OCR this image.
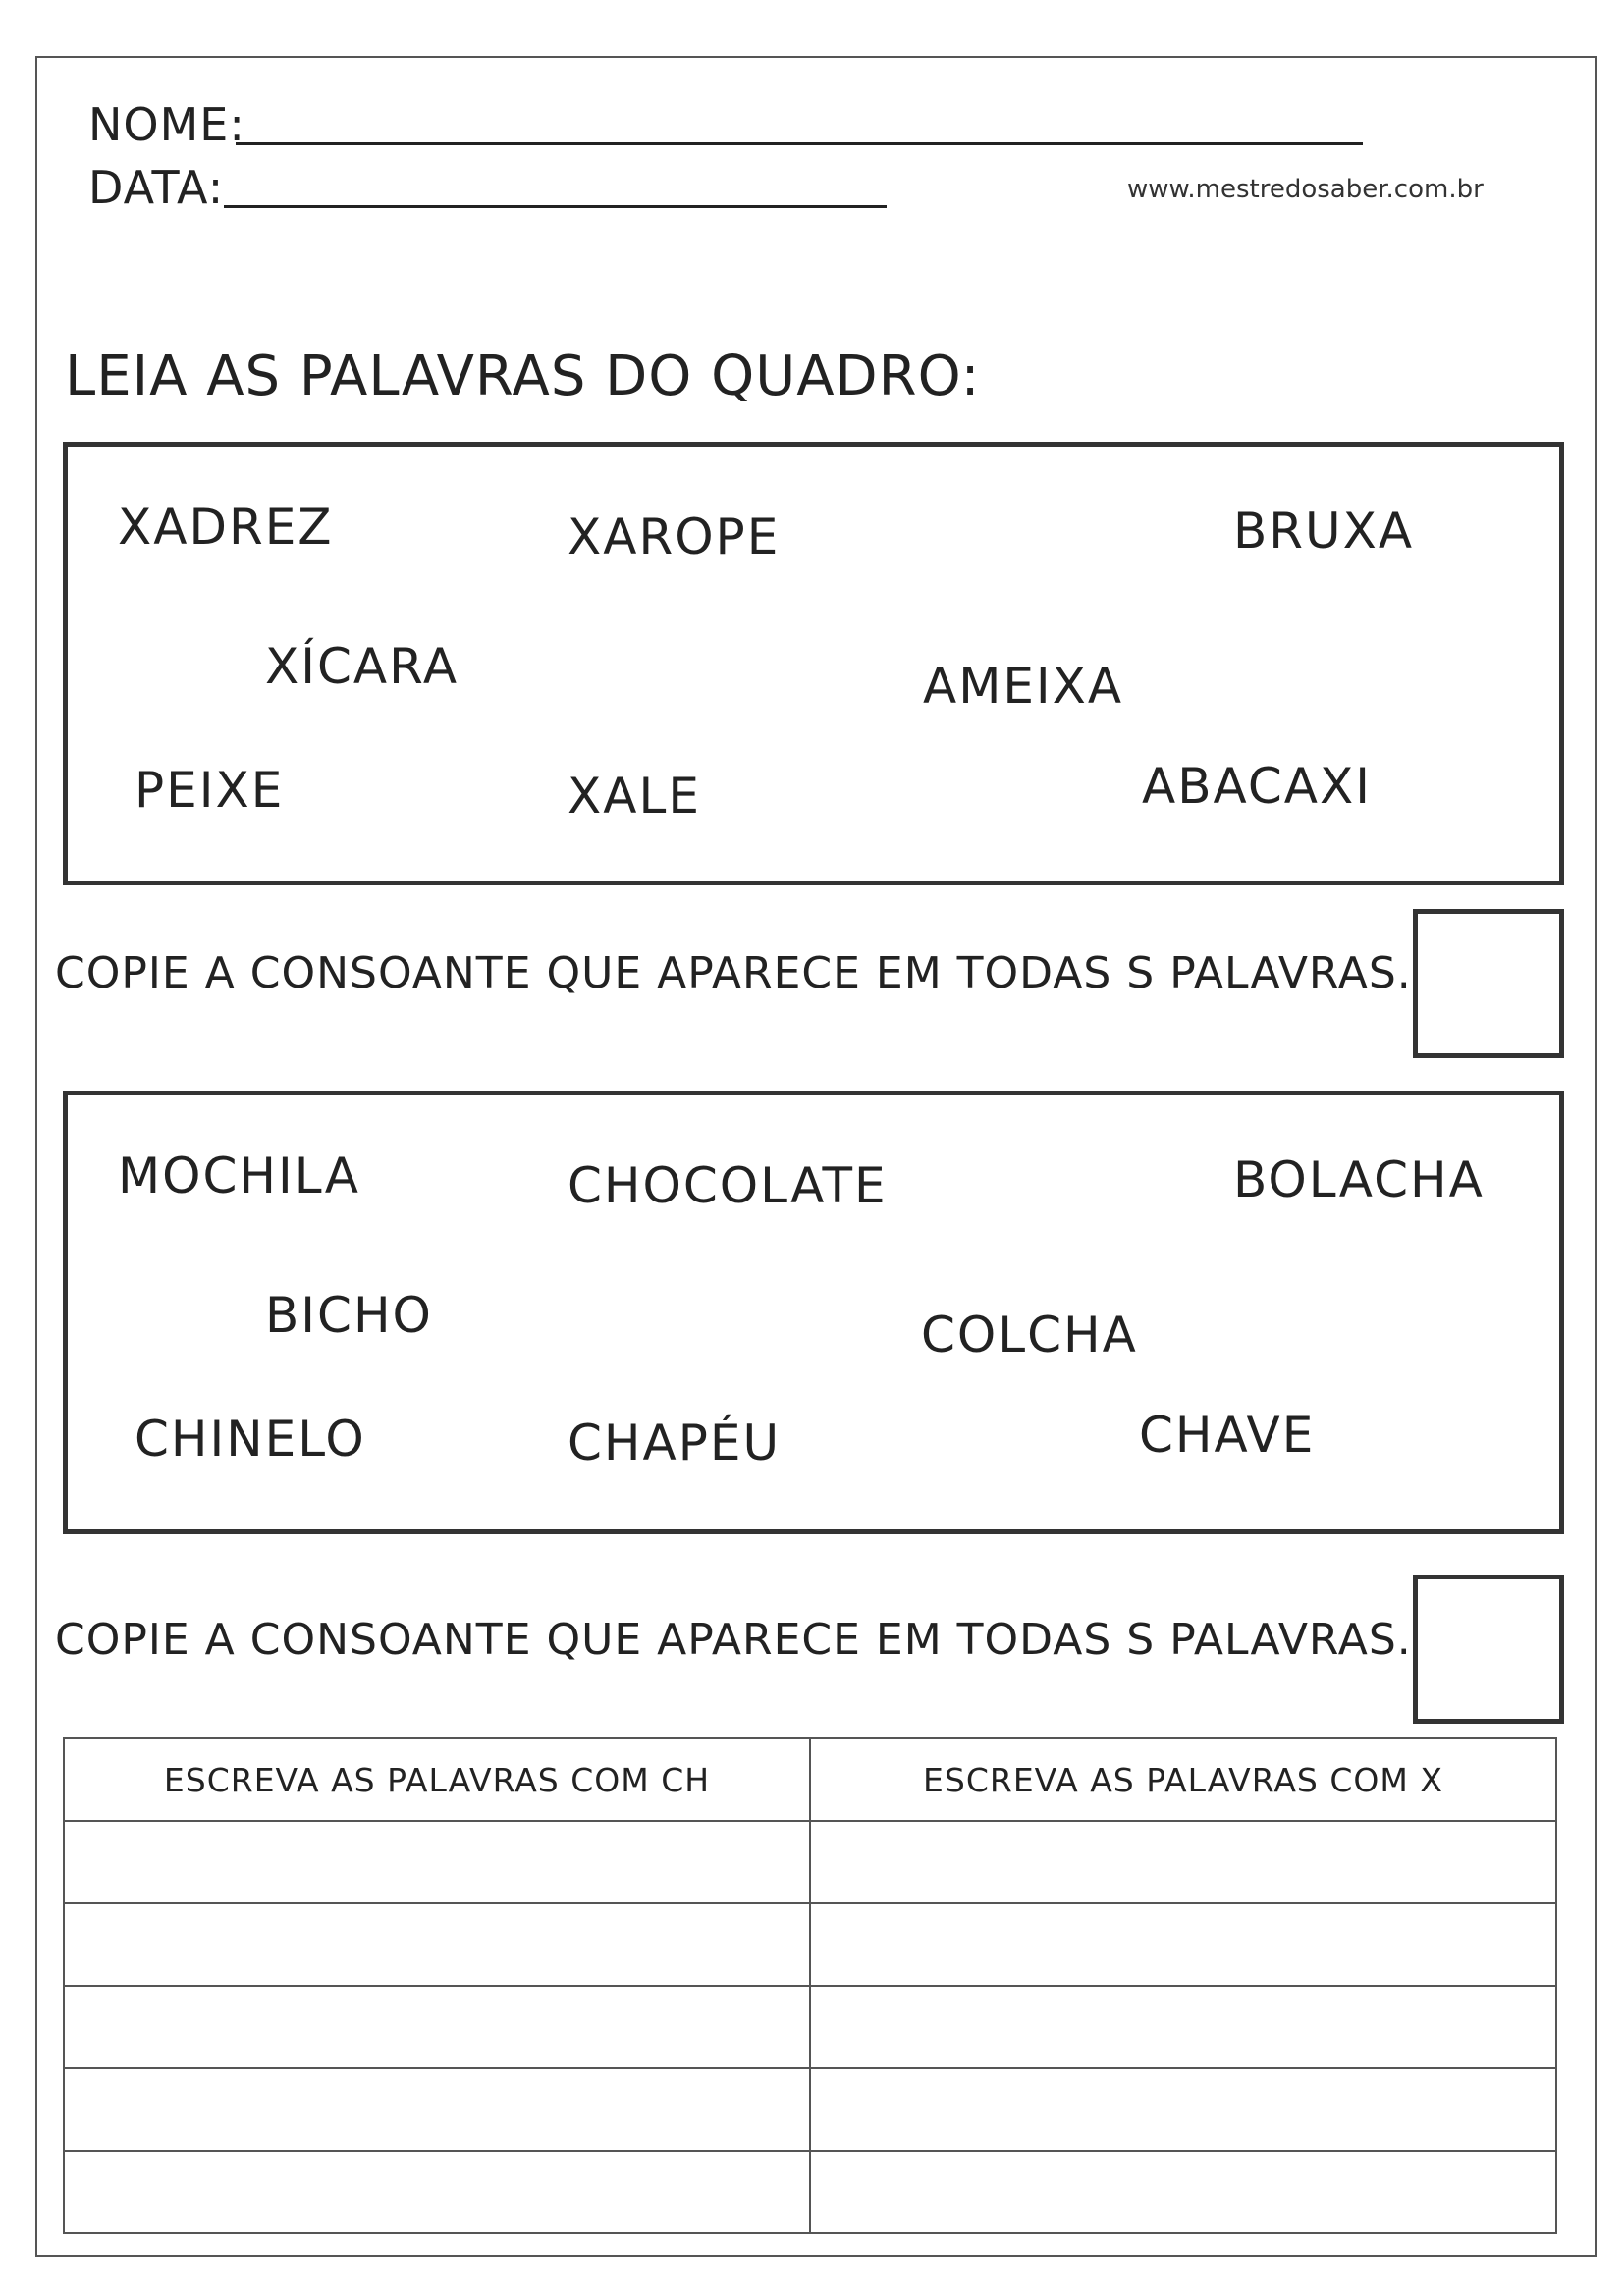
NOME:
DATA:	www.mestredosaber.com.br
LEIA AS PALAVRAS DO QUADRO:
XADREZ	XAROPE	BRUXA
XÍCARA	AMEIXA
PEIXE	XALE	ABACAXI
COPIE A CONSOANTE QUE APARECE EM TODAS S PALAVRAS.
MOCHILA	CHOCOLATE	BOLACHA
BICHO	COLCHA
CHINELO	CHAPÉU	CHAVE
COPIE A CONSOANTE QUE APARECE EM TODAS S PALAVRAS.
ESCREVA AS PALAVRAS COM CH	ESCREVA AS PALAVRAS COM X
